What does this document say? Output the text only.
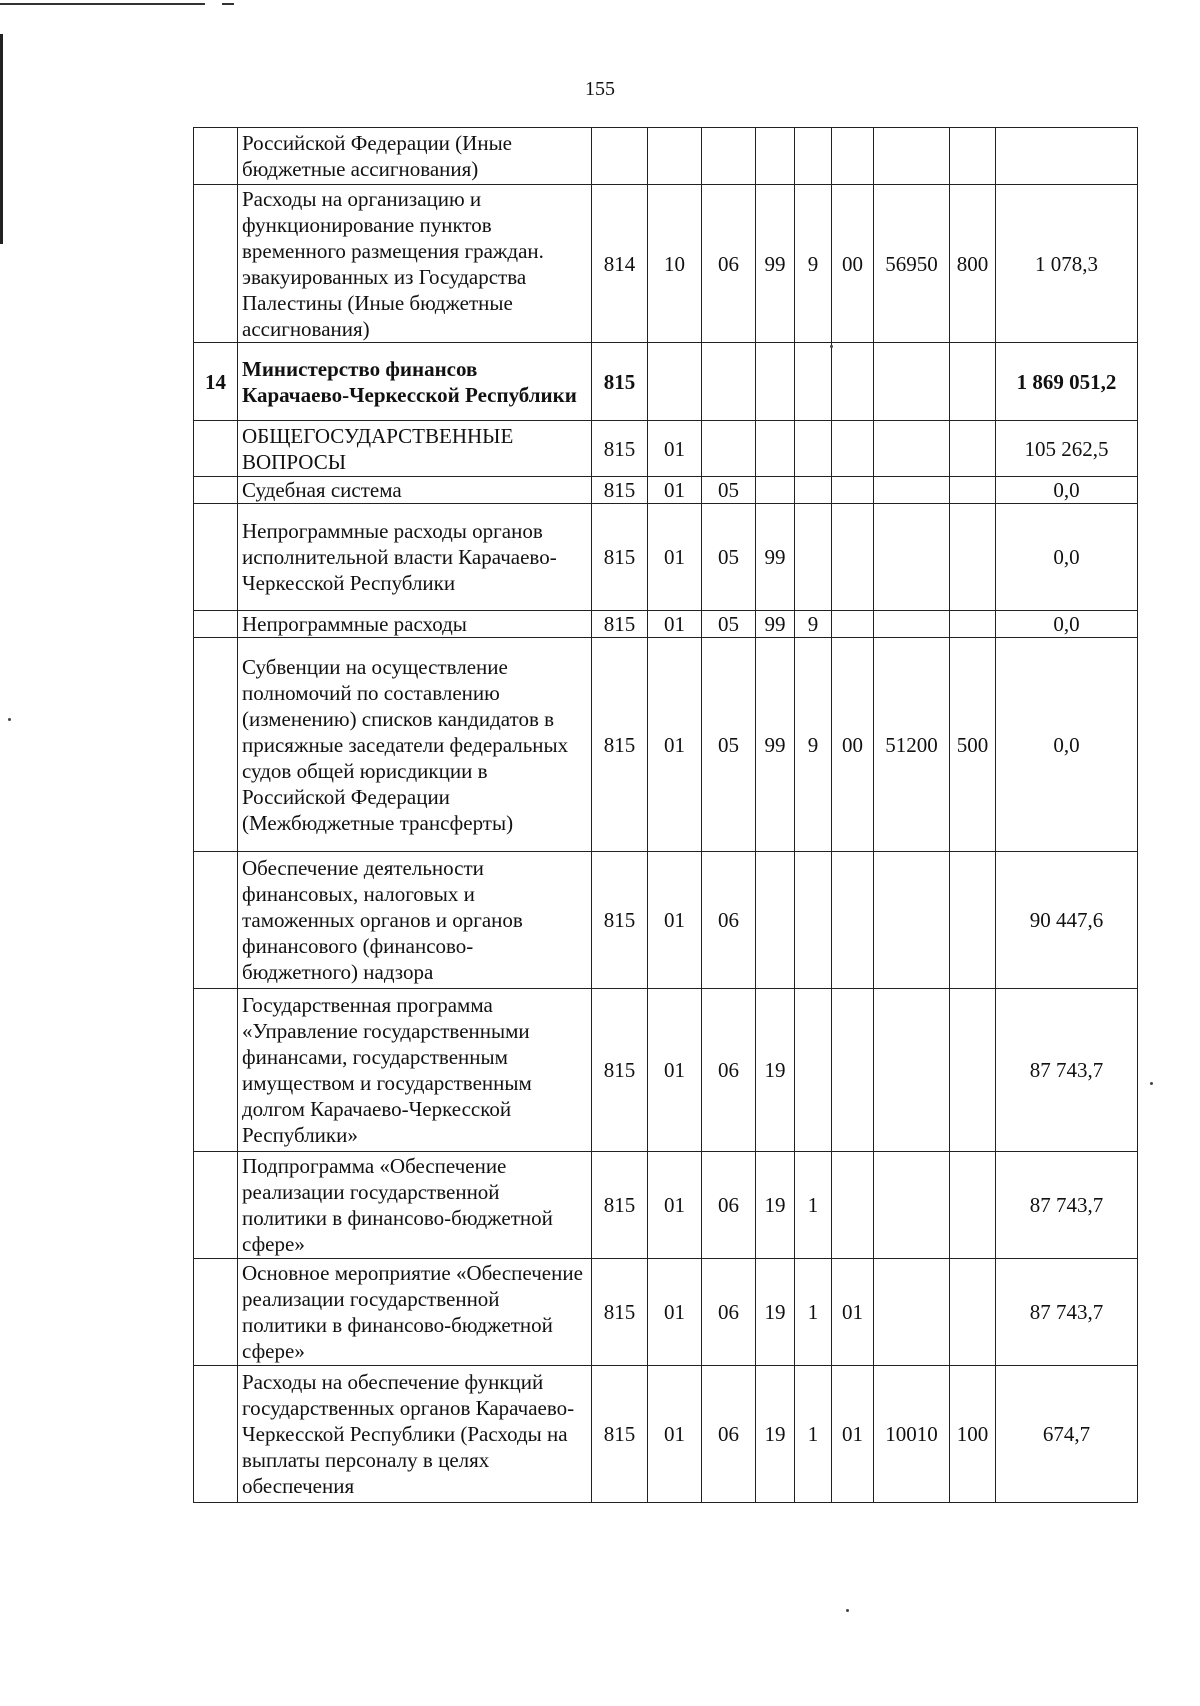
155
	Российской Федерации (Иные бюджетные ассигнования)									
	Расходы на организацию и функционирование пунктов временного размещения граждан. эвакуированных из Государства Палестины (Иные бюджетные ассигнования)	814	10	06	99	9	00	56950	800	1 078,3
14	Министерство финансов Карачаево-Черкесской Республики	815								1 869 051,2
	ОБЩЕГОСУДАРСТВЕННЫЕ ВОПРОСЫ	815	01							105 262,5
	Судебная система	815	01	05						0,0
	Непрограммные расходы органов исполнительной власти Карачаево-Черкесской Республики	815	01	05	99					0,0
	Непрограммные расходы	815	01	05	99	9				0,0
	Субвенции на осуществление полномочий по составлению (изменению) списков кандидатов в присяжные заседатели федеральных судов общей юрисдикции в Российской Федерации (Межбюджетные трансферты)	815	01	05	99	9	00	51200	500	0,0
	Обеспечение деятельности финансовых, налоговых и таможенных органов и органов финансового (финансово-бюджетного) надзора	815	01	06						90 447,6
	Государственная программа «Управление государственными финансами, государственным имуществом и государственным долгом Карачаево-Черкесской Республики»	815	01	06	19					87 743,7
	Подпрограмма «Обеспечение реализации государственной политики в финансово-бюджетной сфере»	815	01	06	19	1				87 743,7
	Основное мероприятие «Обеспечение реализации государственной политики в финансово-бюджетной сфере»	815	01	06	19	1	01			87 743,7
	Расходы на обеспечение функций государственных органов Карачаево-Черкесской Республики (Расходы на выплаты персоналу в целях обеспечения	815	01	06	19	1	01	10010	100	674,7
